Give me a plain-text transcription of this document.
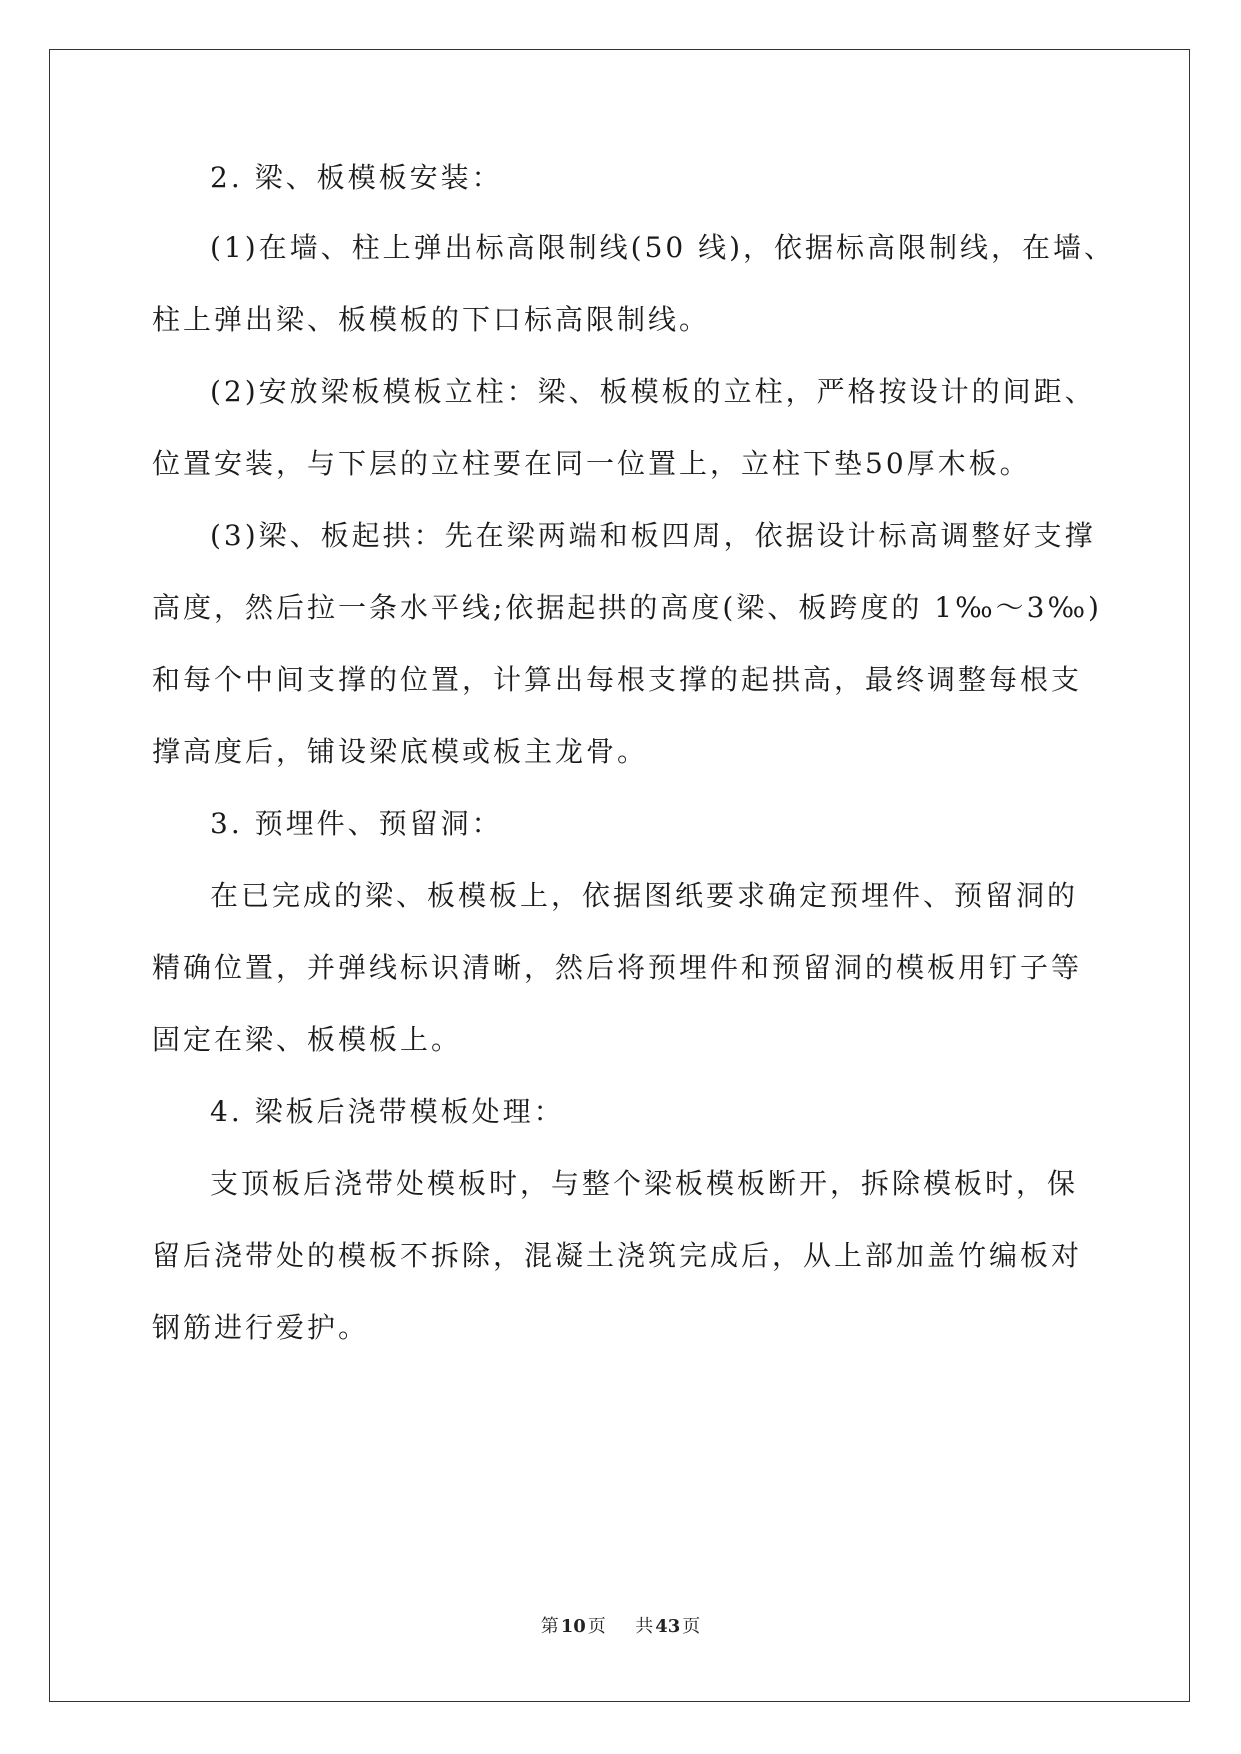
2. 梁、板模板安装：
(1)在墙、柱上弹出标高限制线(50 线)，依据标高限制线，在墙、
柱上弹出梁、板模板的下口标高限制线。
(2)安放梁板模板立柱：梁、板模板的立柱，严格按设计的间距、
位置安装，与下层的立柱要在同一位置上，立柱下垫50厚木板。
(3)梁、板起拱：先在梁两端和板四周，依据设计标高调整好支撑
高度，然后拉一条水平线;依据起拱的高度(梁、板跨度的 1‰～3‰)
和每个中间支撑的位置，计算出每根支撑的起拱高，最终调整每根支
撑高度后，铺设梁底模或板主龙骨。
3. 预埋件、预留洞：
在已完成的梁、板模板上，依据图纸要求确定预埋件、预留洞的
精确位置，并弹线标识清晰，然后将预埋件和预留洞的模板用钉子等
固定在梁、板模板上。
4. 梁板后浇带模板处理：
支顶板后浇带处模板时，与整个梁板模板断开，拆除模板时，保
留后浇带处的模板不拆除，混凝土浇筑完成后，从上部加盖竹编板对
钢筋进行爱护。
第 10 页 共 43 页
